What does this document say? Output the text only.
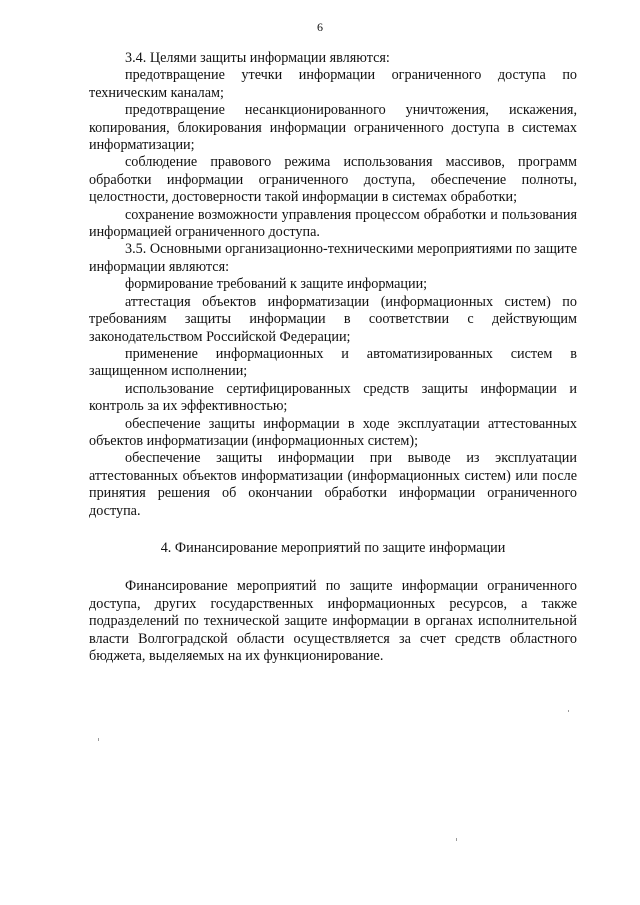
6

3.4. Целями защиты информации являются:

предотвращение утечки информации ограниченного доступа по техническим каналам;

предотвращение несанкционированного уничтожения, искажения, копирования, блокирования информации ограниченного доступа в системах информатизации;

соблюдение правового режима использования массивов, программ обработки информации ограниченного доступа, обеспечение полноты, целостности, достоверности такой информации в системах обработки;

сохранение возможности управления процессом обработки и пользования информацией ограниченного доступа.

3.5. Основными организационно-техническими мероприятиями по защите информации являются:

формирование требований к защите информации;

аттестация объектов информатизации (информационных систем) по требованиям защиты информации в соответствии с действующим законодательством Российской Федерации;

применение информационных и автоматизированных систем в защищенном исполнении;

использование сертифицированных средств защиты информации и контроль за их эффективностью;

обеспечение защиты информации в ходе эксплуатации аттестованных объектов информатизации (информационных систем);

обеспечение защиты информации при выводе из эксплуатации аттестованных объектов информатизации (информационных систем) или после принятия решения об окончании обработки информации ограниченного доступа.

4. Финансирование мероприятий по защите информации

Финансирование мероприятий по защите информации ограниченного доступа, других государственных информационных ресурсов, а также подразделений по технической защите информации в органах исполнительной власти Волгоградской области осуществляется за счет средств областного бюджета, выделяемых на их функционирование.
